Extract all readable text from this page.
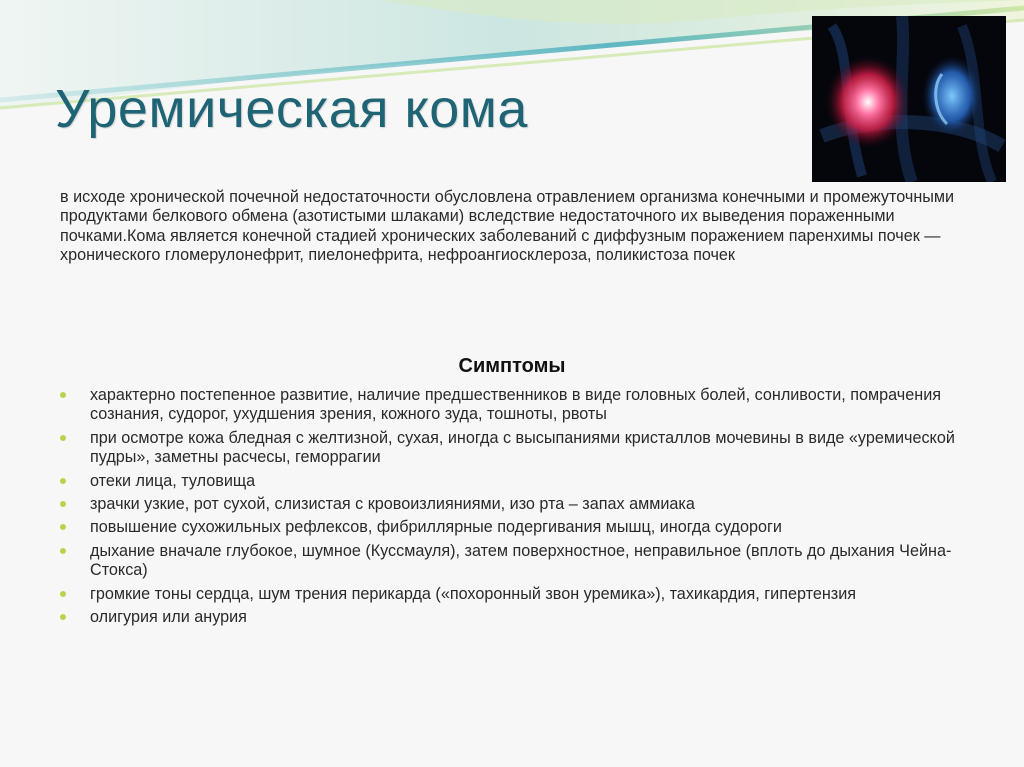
Уремическая кома

в исходе хронической почечной недостаточности обусловлена отравлением организма конечными и промежуточными продуктами белкового обмена (азотистыми шлаками) вследствие недостаточного их выведения пораженными почками.Кома является конечной стадией хронических заболеваний с диффузным поражением паренхимы почек — хронического гломерулонефрит, пиелонефрита, нефроангиосклероза, поликистоза почек

Симптомы
характерно постепенное развитие, наличие предшественников в виде головных болей, сонливости, помрачения сознания, судорог, ухудшения зрения, кожного зуда, тошноты, рвоты
при осмотре кожа бледная с желтизной, сухая, иногда с высыпаниями кристаллов мочевины в виде «уремической пудры», заметны расчесы, геморрагии
отеки лица, туловища
зрачки узкие, рот сухой, слизистая с кровоизлияниями, изо рта – запах аммиака
повышение сухожильных рефлексов, фибриллярные подергивания мышц, иногда судороги
дыхание вначале глубокое, шумное (Куссмауля), затем поверхностное, неправильное (вплоть до дыхания Чейна-Стокса)
громкие тоны сердца, шум трения перикарда («похоронный звон уремика»), тахикардия, гипертензия
олигурия или анурия
